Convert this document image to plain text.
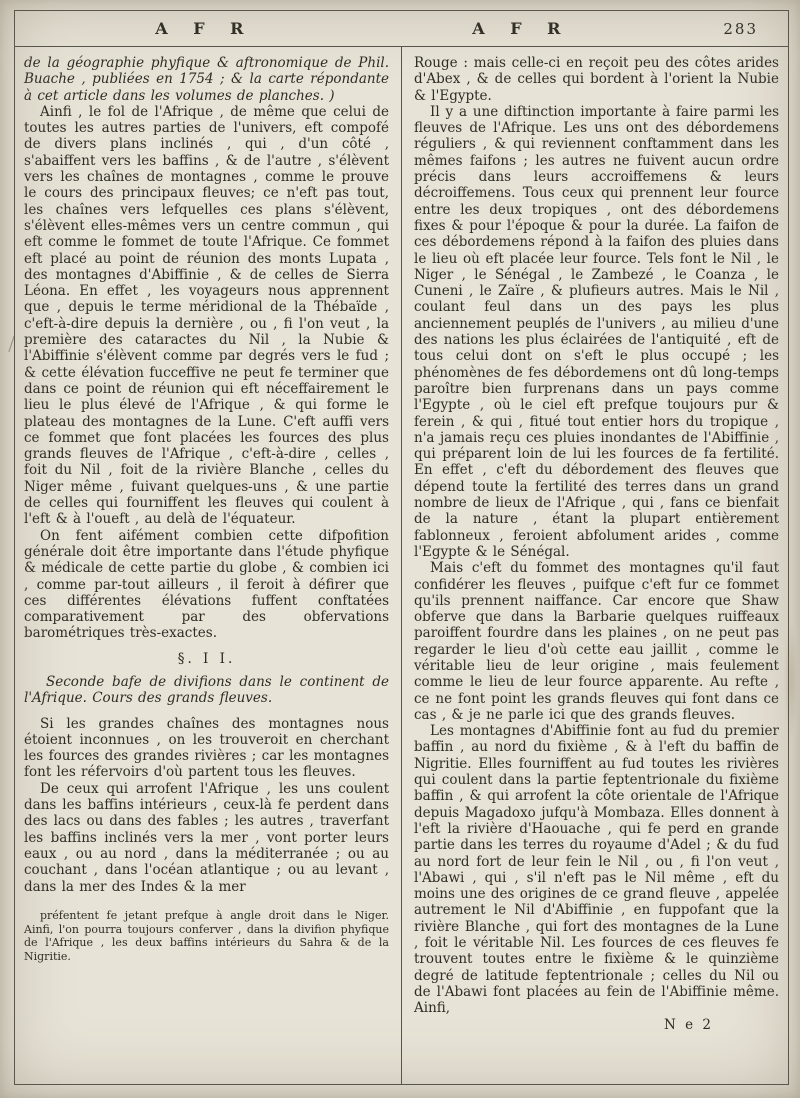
A F R	A F R	283

de la géographie phyfique & aftronomique de Phil. Buache , publiées en 1754 ; & la carte répondante à cet article dans les volumes de planches. )

Ainfi , le fol de l'Afrique , de même que celui de toutes les autres parties de l'univers, eft compofé de divers plans inclinés , qui , d'un côté , s'abaiffent vers les baffins , & de l'autre , s'élèvent vers les chaînes de montagnes , comme le prouve le cours des principaux fleuves; ce n'eft pas tout, les chaînes vers lefquelles ces plans s'élèvent, s'élèvent elles-mêmes vers un centre commun , qui eft comme le fommet de toute l'Afrique. Ce fommet eft placé au point de réunion des monts Lupata , des montagnes d'Abiffinie , & de celles de Sierra Léona. En effet , les voyageurs nous apprennent que , depuis le terme méridional de la Thébaïde , c'eft-à-dire depuis la dernière , ou , fi l'on veut , la première des cataractes du Nil , la Nubie & l'Abiffinie s'élèvent comme par degrés vers le fud ; & cette élévation fucceffive ne peut fe terminer que dans ce point de réunion qui eft néceffairement le lieu le plus élevé de l'Afrique , & qui forme le plateau des montagnes de la Lune. C'eft auffi vers ce fommet que font placées les fources des plus grands fleuves de l'Afrique , c'eft-à-dire , celles , foit du Nil , foit de la rivière Blanche , celles du Niger même , fuivant quelques-uns , & une partie de celles qui fourniffent les fleuves qui coulent à l'eft & à l'oueft , au delà de l'équateur.

On fent aifément combien cette difpofition générale doit être importante dans l'étude phyfique & médicale de cette partie du globe , & combien ici , comme par-tout ailleurs , il feroit à défirer que ces différentes élévations fuffent conftatées comparativement par des obfervations barométriques très-exactes.

§. I I.

Seconde bafe de divifions dans le continent de l'Afrique. Cours des grands fleuves.

Si les grandes chaînes des montagnes nous étoient inconnues , on les trouveroit en cherchant les fources des grandes rivières ; car les montagnes font les réfervoirs d'où partent tous les fleuves.

De ceux qui arrofent l'Afrique , les uns coulent dans les baffins intérieurs , ceux-là fe perdent dans des lacs ou dans des fables ; les autres , traverfant les baffins inclinés vers la mer , vont porter leurs eaux , ou au nord , dans la méditerranée ; ou au couchant , dans l'océan atlantique ; ou au levant , dans la mer des Indes & la mer

préfentent fe jetant prefque à angle droit dans le Niger. Ainfi, l'on pourra toujours conferver , dans la divifion phyfique de l'Afrique , les deux baffins intérieurs du Sahra & de la Nigritie.

Rouge : mais celle-ci en reçoit peu des côtes arides d'Abex , & de celles qui bordent à l'orient la Nubie & l'Egypte.

Il y a une diftinction importante à faire parmi les fleuves de l'Afrique. Les uns ont des débordemens réguliers , & qui reviennent conftamment dans les mêmes faifons ; les autres ne fuivent aucun ordre précis dans leurs accroiffemens & leurs décroiffemens. Tous ceux qui prennent leur fource entre les deux tropiques , ont des débordemens fixes & pour l'époque & pour la durée. La faifon de ces débordemens répond à la faifon des pluies dans le lieu où eft placée leur fource. Tels font le Nil , le Niger , le Sénégal , le Zambezé , le Coanza , le Cuneni , le Zaïre , & plufieurs autres. Mais le Nil , coulant feul dans un des pays les plus anciennement peuplés de l'univers , au milieu d'une des nations les plus éclairées de l'antiquité , eft de tous celui dont on s'eft le plus occupé ; les phénomènes de fes débordemens ont dû long-temps paroître bien furprenans dans un pays comme l'Egypte , où le ciel eft prefque toujours pur & ferein , & qui , fitué tout entier hors du tropique , n'a jamais reçu ces pluies inondantes de l'Abiffinie , qui préparent loin de lui les fources de fa fertilité. En effet , c'eft du débordement des fleuves que dépend toute la fertilité des terres dans un grand nombre de lieux de l'Afrique , qui , fans ce bienfait de la nature , étant la plupart entièrement fablonneux , feroient abfolument arides , comme l'Egypte & le Sénégal.

Mais c'eft du fommet des montagnes qu'il faut confidérer les fleuves , puifque c'eft fur ce fommet qu'ils prennent naiffance. Car encore que Shaw obferve que dans la Barbarie quelques ruiffeaux paroiffent fourdre dans les plaines , on ne peut pas regarder le lieu d'où cette eau jaillit , comme le véritable lieu de leur origine , mais feulement comme le lieu de leur fource apparente. Au refte , ce ne font point les grands fleuves qui font dans ce cas , & je ne parle ici que des grands fleuves.

Les montagnes d'Abiffinie font au fud du premier baffin , au nord du fixième , & à l'eft du baffin de Nigritie. Elles fourniffent au fud toutes les rivières qui coulent dans la partie feptentrionale du fixième baffin , & qui arrofent la côte orientale de l'Afrique depuis Magadoxo jufqu'à Mombaza. Elles donnent à l'eft la rivière d'Haouache , qui fe perd en grande partie dans les terres du royaume d'Adel ; & du fud au nord fort de leur fein le Nil , ou , fi l'on veut , l'Abawi , qui , s'il n'eft pas le Nil même , eft du moins une des origines de ce grand fleuve , appelée autrement le Nil d'Abiffinie , en fuppofant que la rivière Blanche , qui fort des montagnes de la Lune , foit le véritable Nil. Les fources de ces fleuves fe trouvent toutes entre le fixième & le quinzième degré de latitude feptentrionale ; celles du Nil ou de l'Abawi font placées au fein de l'Abiffinie même. Ainfi,

N e 2
